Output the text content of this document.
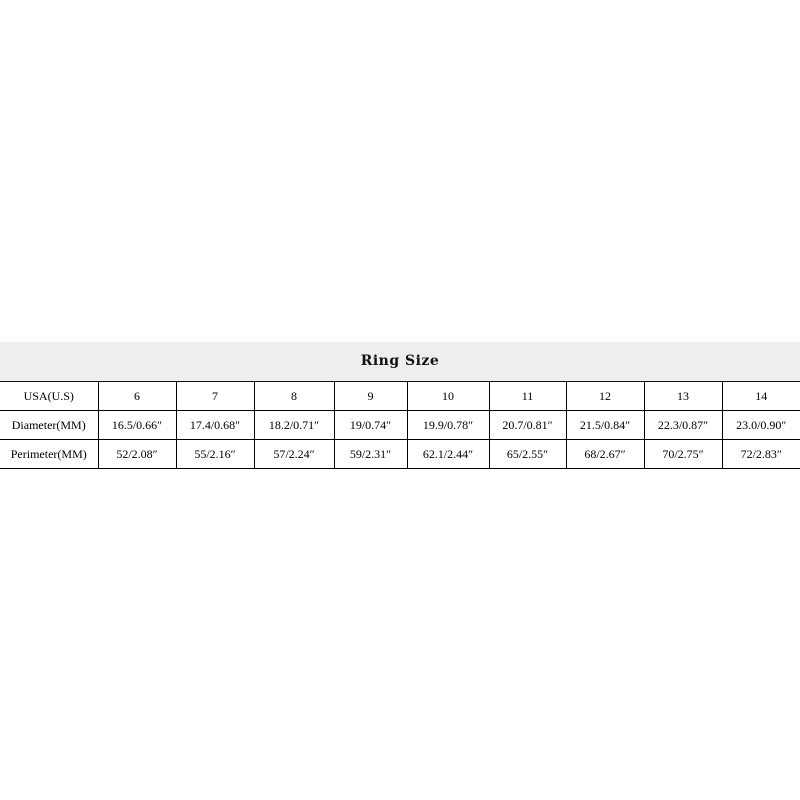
Ring Size
USA(U.S)	6	7	8	9	10	11	12	13	14
Diameter(MM)	16.5/0.66″	17.4/0.68″	18.2/0.71″	19/0.74″	19.9/0.78″	20.7/0.81″	21.5/0.84″	22.3/0.87″	23.0/0.90″
Perimeter(MM)	52/2.08″	55/2.16″	57/2.24″	59/2.31″	62.1/2.44″	65/2.55″	68/2.67″	70/2.75″	72/2.83″
